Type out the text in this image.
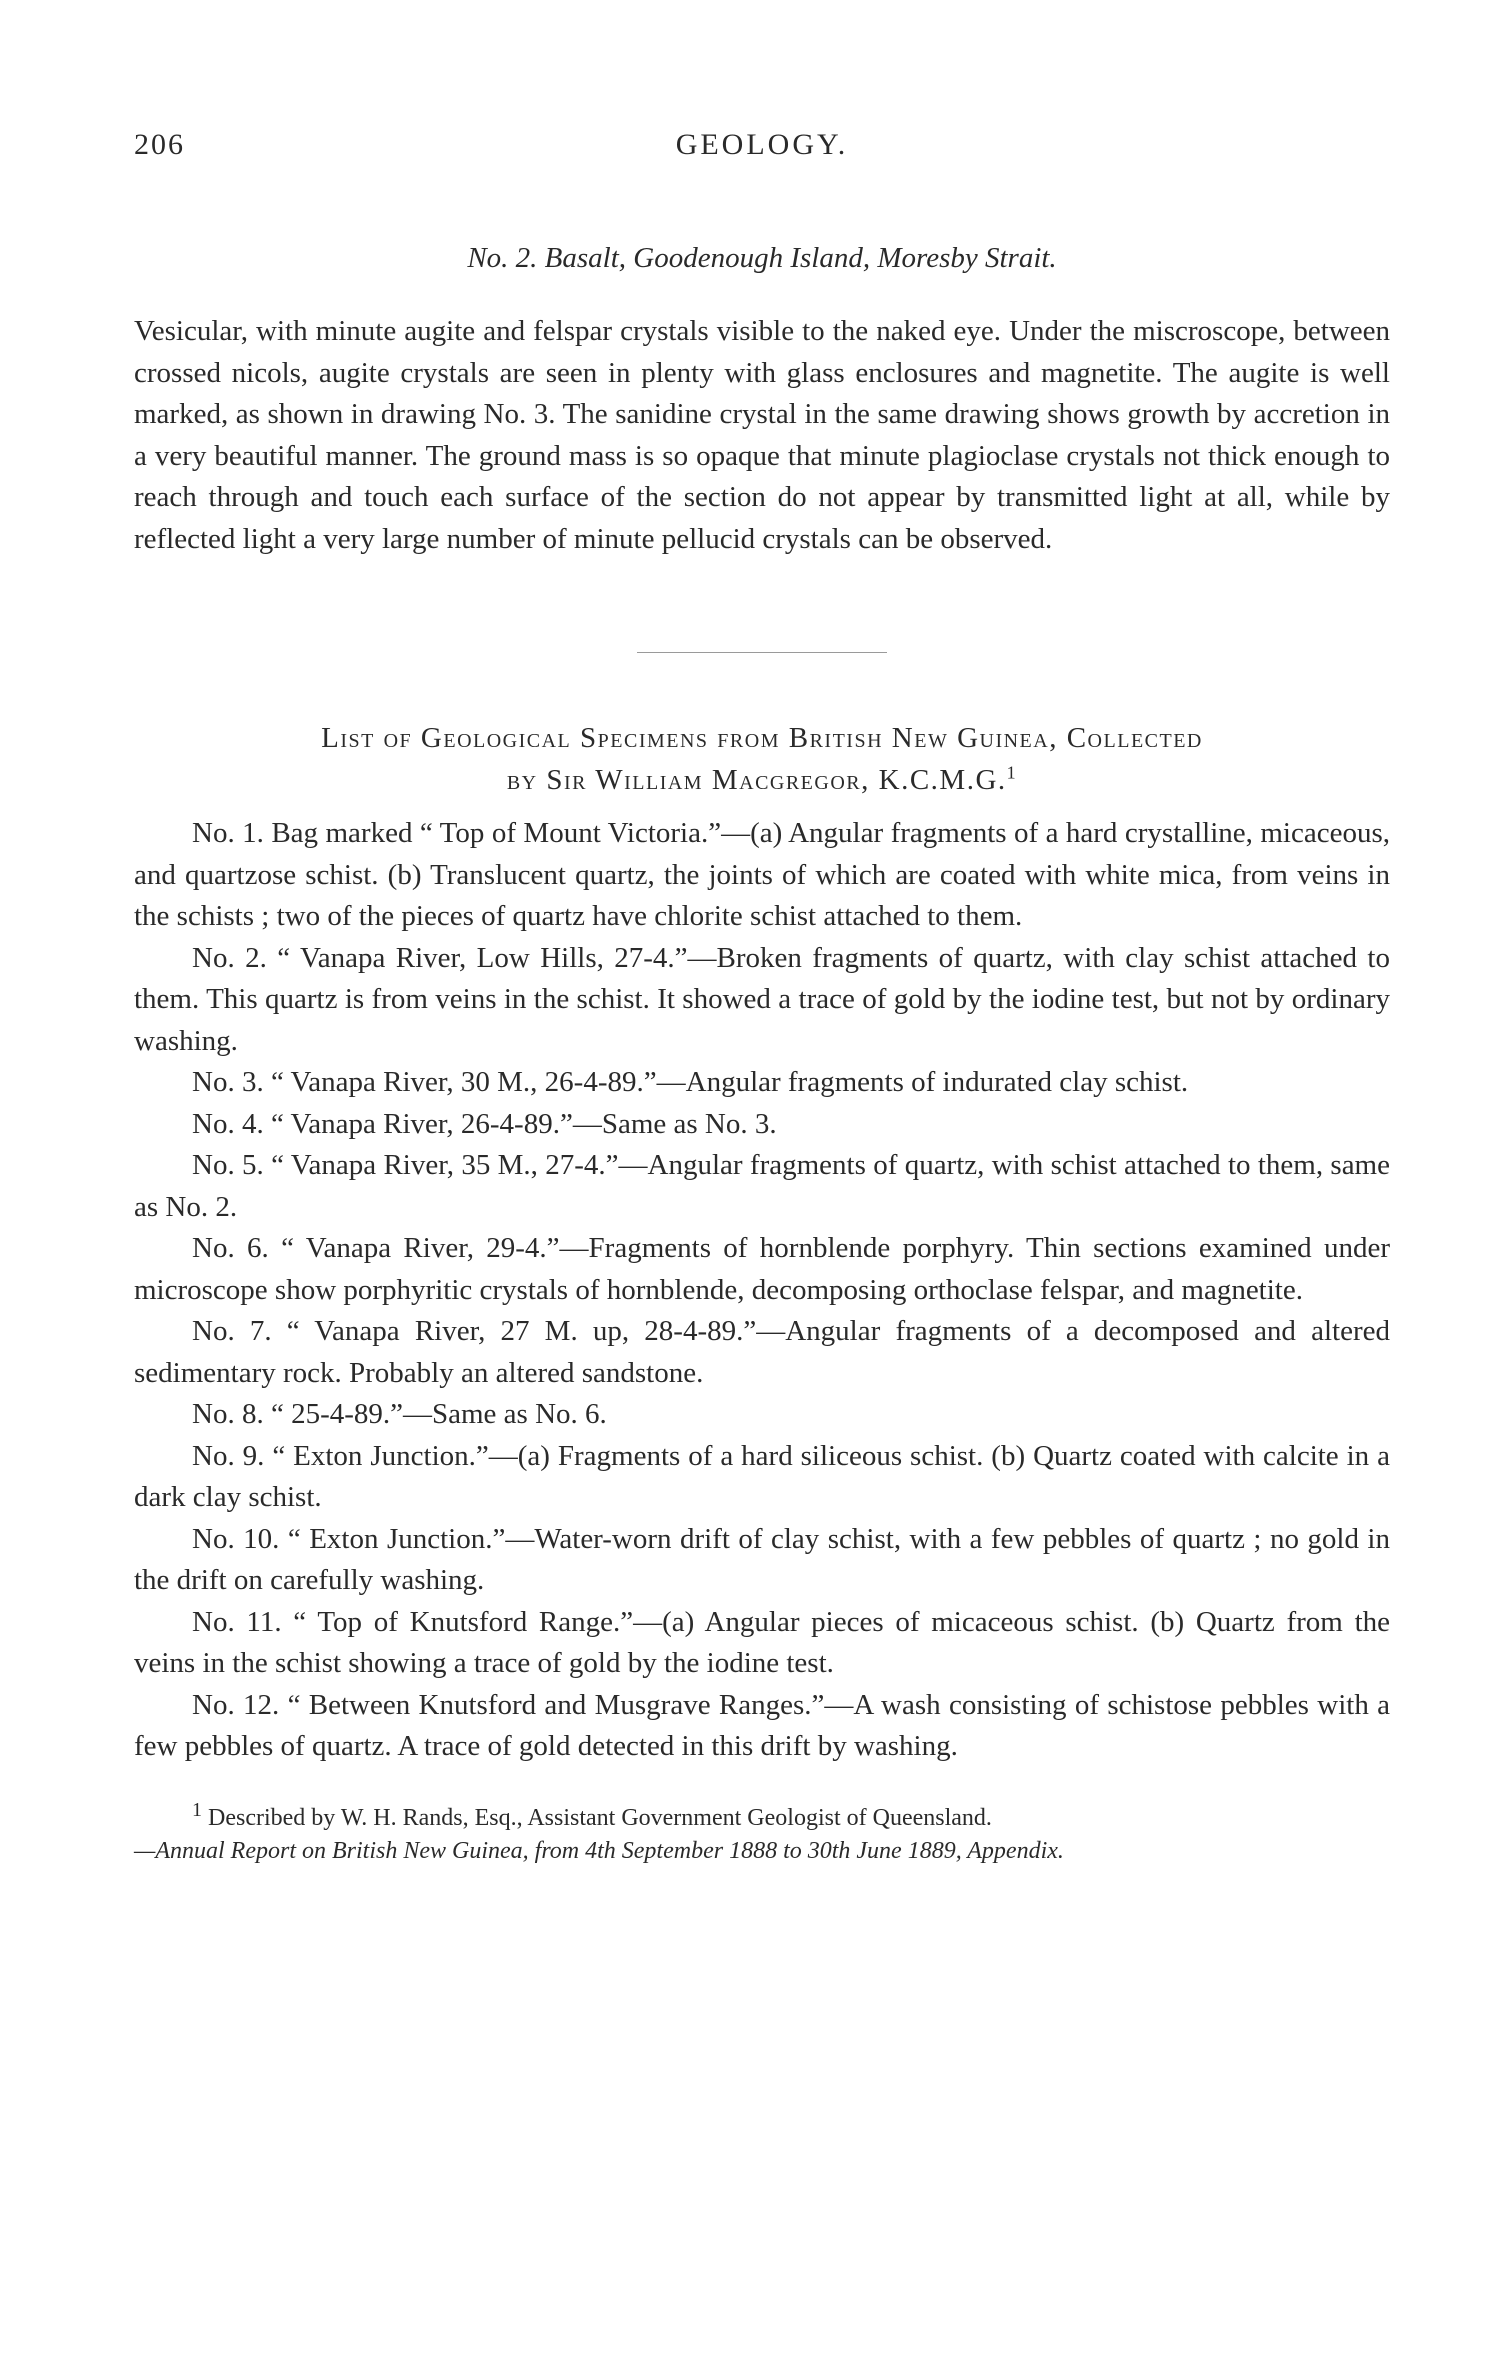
206	GEOLOGY.
No. 2. Basalt, Goodenough Island, Moresby Strait.

Vesicular, with minute augite and felspar crystals visible to the naked eye. Under the miscroscope, between crossed nicols, augite crystals are seen in plenty with glass enclosures and magnetite. The augite is well marked, as shown in drawing No. 3. The sanidine crystal in the same drawing shows growth by accretion in a very beautiful manner. The ground mass is so opaque that minute plagioclase crystals not thick enough to reach through and touch each surface of the section do not appear by transmitted light at all, while by reflected light a very large number of minute pellucid crystals can be observed.

List of Geological Specimens from British New Guinea, Collected
by Sir William Macgregor, K.C.M.G.$^1$

No. 1. Bag marked “ Top of Mount Victoria.”—(a) Angular fragments of a hard crystalline, micaceous, and quartzose schist. (b) Translucent quartz, the joints of which are coated with white mica, from veins in the schists ; two of the pieces of quartz have chlorite schist attached to them.

No. 2. “ Vanapa River, Low Hills, 27-4.”—Broken fragments of quartz, with clay schist attached to them. This quartz is from veins in the schist. It showed a trace of gold by the iodine test, but not by ordinary washing.

No. 3. “ Vanapa River, 30 M., 26-4-89.”—Angular fragments of indurated clay schist.

No. 4. “ Vanapa River, 26-4-89.”—Same as No. 3.

No. 5. “ Vanapa River, 35 M., 27-4.”—Angular fragments of quartz, with schist attached to them, same as No. 2.

No. 6. “ Vanapa River, 29-4.”—Fragments of hornblende porphyry. Thin sections examined under microscope show porphyritic crystals of hornblende, decomposing orthoclase felspar, and magnetite.

No. 7. “ Vanapa River, 27 M. up, 28-4-89.”—Angular fragments of a decomposed and altered sedimentary rock. Probably an altered sandstone.

No. 8. “ 25-4-89.”—Same as No. 6.

No. 9. “ Exton Junction.”—(a) Fragments of a hard siliceous schist. (b) Quartz coated with calcite in a dark clay schist.

No. 10. “ Exton Junction.”—Water-worn drift of clay schist, with a few pebbles of quartz ; no gold in the drift on carefully washing.

No. 11. “ Top of Knutsford Range.”—(a) Angular pieces of micaceous schist. (b) Quartz from the veins in the schist showing a trace of gold by the iodine test.

No. 12. “ Between Knutsford and Musgrave Ranges.”—A wash consisting of schistose pebbles with a few pebbles of quartz. A trace of gold detected in this drift by washing.

$^1$ Described by W. H. Rands, Esq., Assistant Government Geologist of Queensland.
—Annual Report on British New Guinea, from 4th September 1888 to 30th June 1889, Appendix.
